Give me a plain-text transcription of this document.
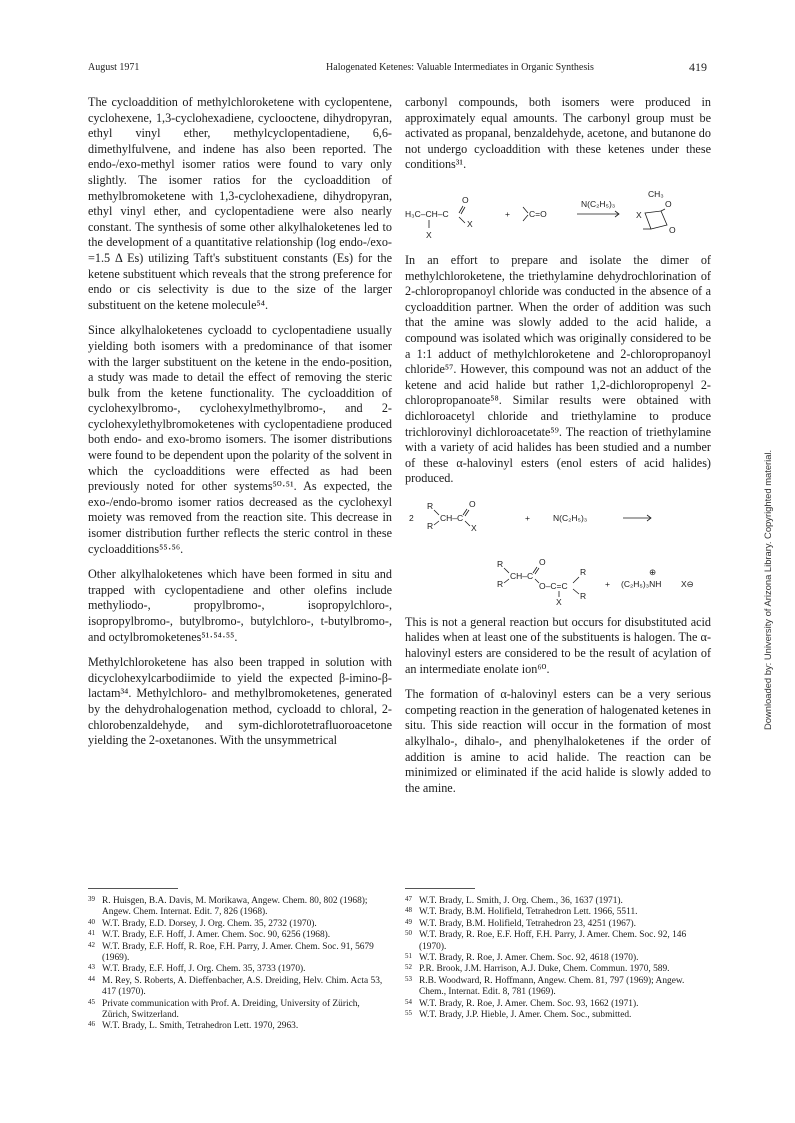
August 1971	Halogenated Ketenes: Valuable Intermediates in Organic Synthesis	419

The cycloaddition of methylchloroketene with cyclopentene, cyclohexene, 1,3-cyclohexadiene, cyclooctene, dihydropyran, ethyl vinyl ether, methylcyclopentadiene, 6,6-dimethylfulvene, and indene has also been reported. The endo-/exo-methyl isomer ratios were found to vary only slightly. The isomer ratios for the cycloaddition of methylbromoketene with 1,3-cyclohexadiene, dihydropyran, ethyl vinyl ether, and cyclopentadiene were also nearly constant. The synthesis of some other alkylhaloketenes led to the development of a quantitative relationship (log endo-/exo-=1.5 Δ Es) utilizing Taft's substituent constants (Es) for the ketene substituent which reveals that the strong preference for endo or cis selectivity is due to the size of the larger substituent on the ketene molecule⁵⁴.

Since alkylhaloketenes cycloadd to cyclopentadiene usually yielding both isomers with a predominance of that isomer with the larger substituent on the ketene in the endo-position, a study was made to detail the effect of removing the steric bulk from the ketene functionality. The cycloaddition of cyclohexylbromo-, cyclohexylmethylbromo-, and 2-cyclohexylethylbromoketenes with cyclopentadiene produced both endo- and exo-bromo isomers. The isomer distributions were found to be dependent upon the polarity of the solvent in which the cycloadditions were effected as had been previously noted for other systems⁵⁰·⁵¹. As expected, the exo-/endo-bromo isomer ratios decreased as the cyclohexyl moiety was removed from the reaction site. This decrease in isomer distribution further reflects the steric control in these cycloadditions⁵⁵·⁵⁶.

Other alkylhaloketenes which have been formed in situ and trapped with cyclopentadiene and other olefins include methyliodo-, propylbromo-, isopropylchloro-, isopropylbromo-, butylbromo-, butylchloro-, t-butylbromo-, and octylbromoketenes⁵¹·⁵⁴·⁵⁵.

Methylchloroketene has also been trapped in solution with dicyclohexylcarbodiimide to yield the expected β-imino-β-lactam³⁴. Methylchloro- and methylbromoketenes, generated by the dehydrohalogenation method, cycloadd to chloral, 2-chlorobenzaldehyde, and sym-dichlorotetrafluoroacetone yielding the 2-oxetanones. With the unsymmetrical

carbonyl compounds, both isomers were produced in approximately equal amounts. The carbonyl group must be activated as propanal, benzaldehyde, acetone, and butanone do not undergo cycloaddition with these ketenes under these conditions³¹.

H₃C–CH–C
O
X
X
+ C=O
N(C₂H₅)₃
CH₃
O
X
O

In an effort to prepare and isolate the dimer of methylchloroketene, the triethylamine dehydrochlorination of 2-chloropropanoyl chloride was conducted in the absence of a cycloaddition partner. When the order of addition was such that the amine was slowly added to the acid halide, a compound was isolated which was originally considered to be a 1:1 adduct of methylchloroketene and 2-chloropropanoyl chloride⁵⁷. However, this compound was not an adduct of the ketene and acid halide but rather 1,2-dichloropropenyl 2-chloropropanoate⁵⁸. Similar results were obtained with dichloroacetyl chloride and triethylamine to produce trichlorovinyl dichloroacetate⁵⁹. The reaction of triethylamine with a variety of acid halides has been studied and a number of these α-halovinyl esters (enol esters of acid halides) produced.

2
R
R
CH–C
O
X
+	N(C₂H₅)₃
R
R
CH–C
O
O–C=C
X
R
R
+
⊕
(C₂H₅)₃NH X⊖

This is not a general reaction but occurs for disubstituted acid halides when at least one of the substituents is halogen. The α-halovinyl esters are considered to be the result of acylation of an intermediate enolate ion⁶⁰.

The formation of α-halovinyl esters can be a very serious competing reaction in the generation of halogenated ketenes in situ. This side reaction will occur in the formation of most alkylhalo-, dihalo-, and phenylhaloketenes if the order of addition is amine to acid halide. The reaction can be minimized or eliminated if the acid halide is slowly added to the amine.

Downloaded by: University of Arizona Library. Copyrighted material.
39 R. Huisgen, B.A. Davis, M. Morikawa, Angew. Chem. 80, 802 (1968); Angew. Chem. Internat. Edit. 7, 826 (1968).
40 W.T. Brady, E.D. Dorsey, J. Org. Chem. 35, 2732 (1970).
41 W.T. Brady, E.F. Hoff, J. Amer. Chem. Soc. 90, 6256 (1968).
42 W.T. Brady, E.F. Hoff, R. Roe, F.H. Parry, J. Amer. Chem. Soc. 91, 5679 (1969).
43 W.T. Brady, E.F. Hoff, J. Org. Chem. 35, 3733 (1970).
44 M. Rey, S. Roberts, A. Dieffenbacher, A.S. Dreiding, Helv. Chim. Acta 53, 417 (1970).
45 Private communication with Prof. A. Dreiding, University of Zürich, Zürich, Switzerland.
46 W.T. Brady, L. Smith, Tetrahedron Lett. 1970, 2963.
47 W.T. Brady, L. Smith, J. Org. Chem., 36, 1637 (1971).
48 W.T. Brady, B.M. Holifield, Tetrahedron Lett. 1966, 5511.
49 W.T. Brady, B.M. Holifield, Tetrahedron 23, 4251 (1967).
50 W.T. Brady, R. Roe, E.F. Hoff, F.H. Parry, J. Amer. Chem. Soc. 92, 146 (1970).
51 W.T. Brady, R. Roe, J. Amer. Chem. Soc. 92, 4618 (1970).
52 P.R. Brook, J.M. Harrison, A.J. Duke, Chem. Commun. 1970, 589.
53 R.B. Woodward, R. Hoffmann, Angew. Chem. 81, 797 (1969); Angew. Chem., Internat. Edit. 8, 781 (1969).
54 W.T. Brady, R. Roe, J. Amer. Chem. Soc. 93, 1662 (1971).
55 W.T. Brady, J.P. Hieble, J. Amer. Chem. Soc., submitted.
